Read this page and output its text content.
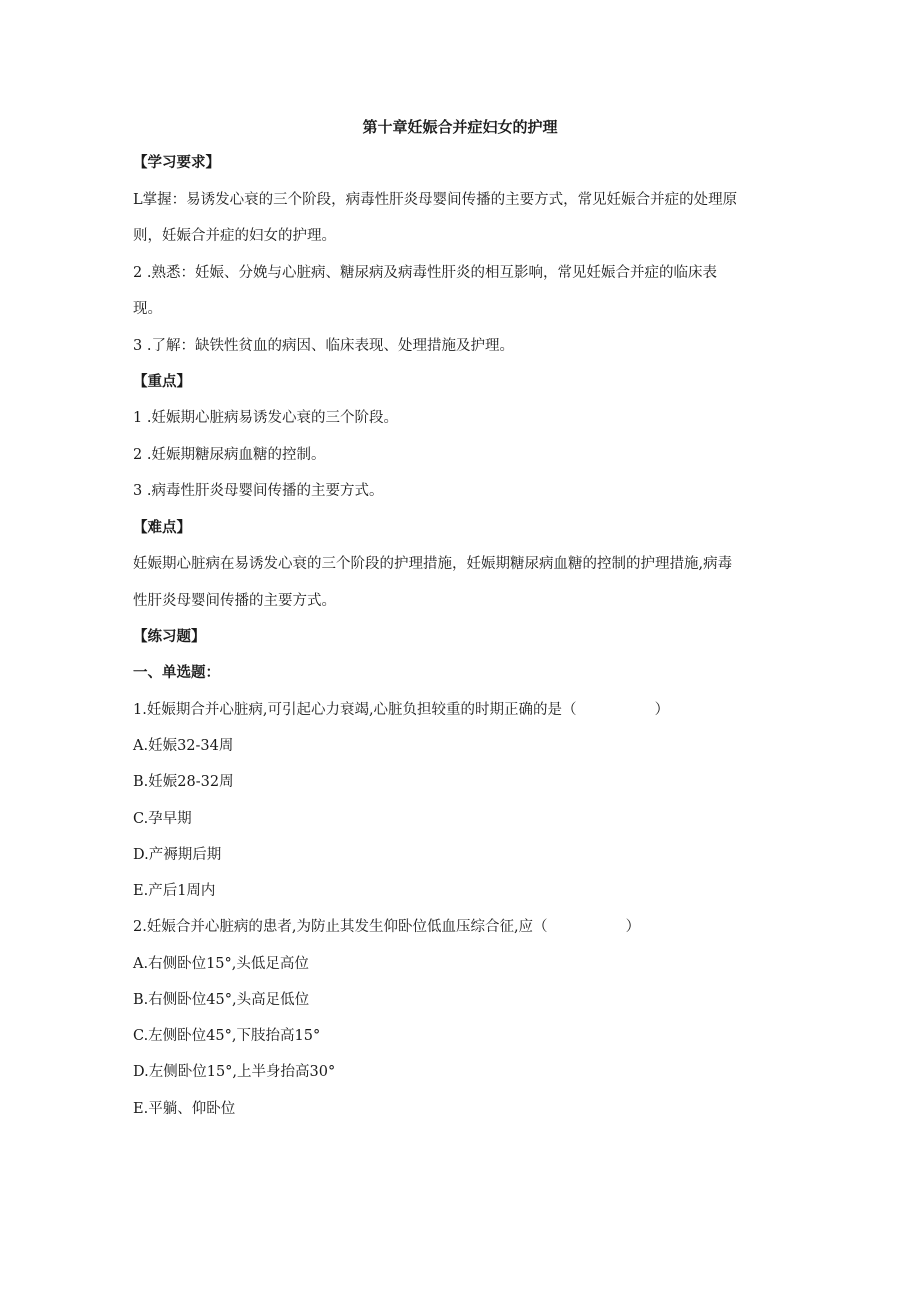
第十章妊娠合并症妇女的护理
【学习要求】
L掌握：易诱发心衰的三个阶段，病毒性肝炎母婴间传播的主要方式，常见妊娠合并症的处理原
则，妊娠合并症的妇女的护理。
2 .熟悉：妊娠、分娩与心脏病、糖尿病及病毒性肝炎的相互影响，常见妊娠合并症的临床表
现。
3 .了解：缺铁性贫血的病因、临床表现、处理措施及护理。
【重点】
1 .妊娠期心脏病易诱发心衰的三个阶段。
2 .妊娠期糖尿病血糖的控制。
3 .病毒性肝炎母婴间传播的主要方式。
【难点】
妊娠期心脏病在易诱发心衰的三个阶段的护理措施，妊娠期糖尿病血糖的控制的护理措施,病毒
性肝炎母婴间传播的主要方式。
【练习题】
一、单选题：
1.妊娠期合并心脏病,可引起心力衰竭,心脏负担较重的时期正确的是（	）
A.妊娠32-34周
B.妊娠28-32周
C.孕早期
D.产褥期后期
E.产后1周内
2.妊娠合并心脏病的患者,为防止其发生仰卧位低血压综合征,应（	）
A.右侧卧位15°,头低足高位
B.右侧卧位45°,头高足低位
C.左侧卧位45°,下肢抬高15°
D.左侧卧位15°,上半身抬高30°
E.平躺、仰卧位
